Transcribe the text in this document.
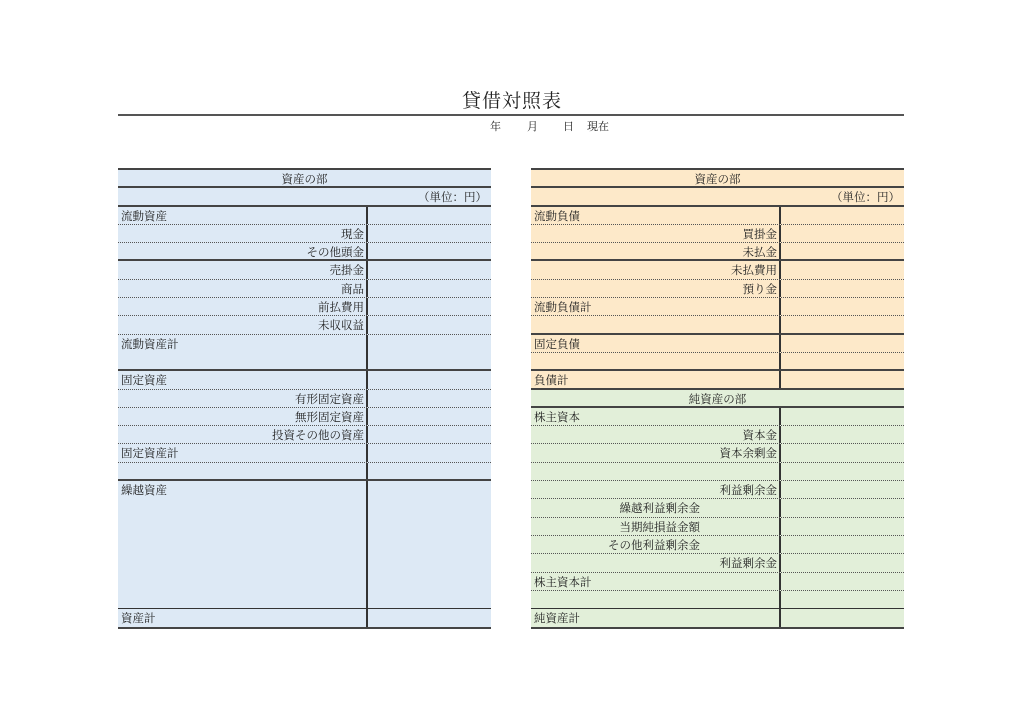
貸借対照表
年 月 日 現在
資産の部
（単位：円）
流動資産
現金
その他頭金
売掛金
商品
前払費用
未収収益
流動資産計
固定資産
有形固定資産
無形固定資産
投資その他の資産
固定資産計
繰越資産
資産計
資産の部
（単位：円）
流動負債
買掛金
未払金
未払費用
預り金
流動負債計
固定負債
負債計
純資産の部
株主資本
資本金
資本余剰金
利益剰余金
繰越利益剰余金
当期純損益金額
その他利益剰余金
利益剰余金
株主資本計
純資産計
